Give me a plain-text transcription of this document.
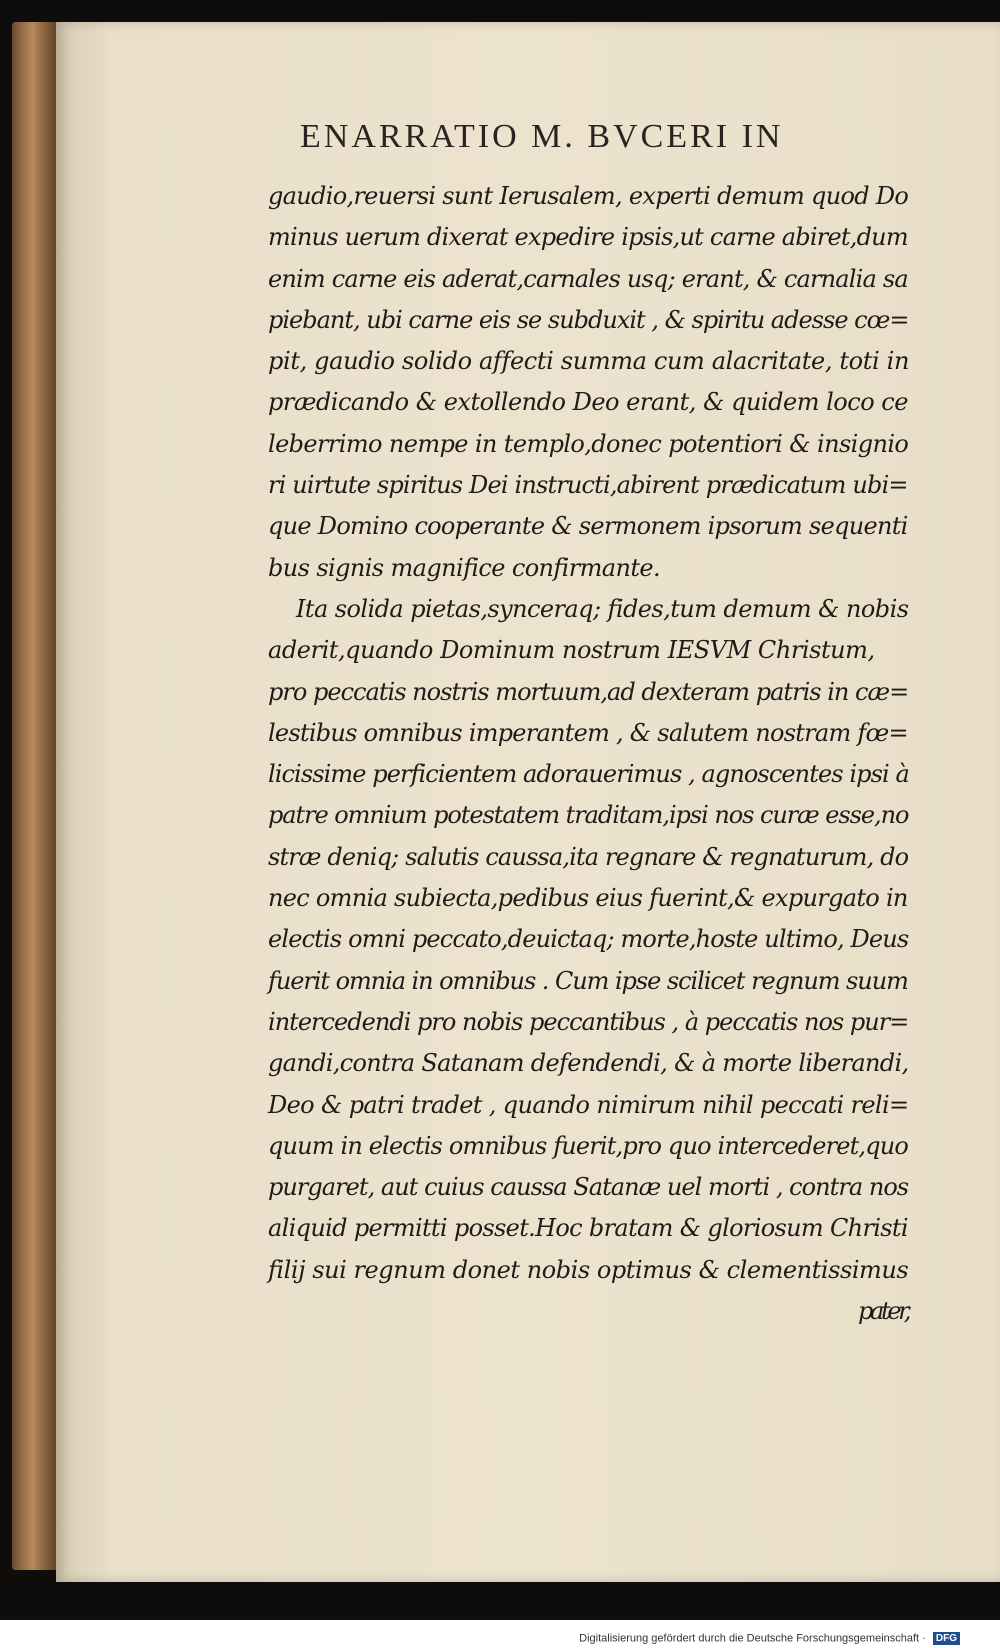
ENARRATIO M. BVCERI IN
gaudio,reuersi sunt Ierusalem, experti demum quod Do
minus uerum dixerat expedire ipsis,ut carne abiret,dum
enim carne eis aderat,carnales usq; erant, & carnalia sa
piebant, ubi carne eis se subduxit , & spiritu adesse cœ=
pit, gaudio solido affecti summa cum alacritate, toti in
prædicando & extollendo Deo erant, & quidem loco ce
leberrimo nempe in templo,donec potentiori & insignio
ri uirtute spiritus Dei instructi,abirent prædicatum ubi=
que Domino cooperante & sermonem ipsorum sequenti
bus signis magnifice confirmante.
Ita solida pietas,synceraq; fides,tum demum & nobis
aderit,quando Dominum nostrum IESVM Christum,
pro peccatis nostris mortuum,ad dexteram patris in cæ=
lestibus omnibus imperantem , & salutem nostram fœ=
licissime perficientem adorauerimus , agnoscentes ipsi à
patre omnium potestatem traditam,ipsi nos curæ esse,no
stræ deniq; salutis caussa,ita regnare & regnaturum, do
nec omnia subiecta,pedibus eius fuerint,& expurgato in
electis omni peccato,deuictaq; morte,hoste ultimo, Deus
fuerit omnia in omnibus . Cum ipse scilicet regnum suum
intercedendi pro nobis peccantibus , à peccatis nos pur=
gandi,contra Satanam defendendi, & à morte liberandi,
Deo & patri tradet , quando nimirum nihil peccati reli=
quum in electis omnibus fuerit,pro quo intercederet,quo
purgaret, aut cuius caussa Satanæ uel morti , contra nos
aliquid permitti posset.Hoc bratam & gloriosum Christi
filij sui regnum donet nobis optimus & clementissimus
pater,
Digitalisierung gefördert durch die Deutsche Forschungsgemeinschaft · DFG
